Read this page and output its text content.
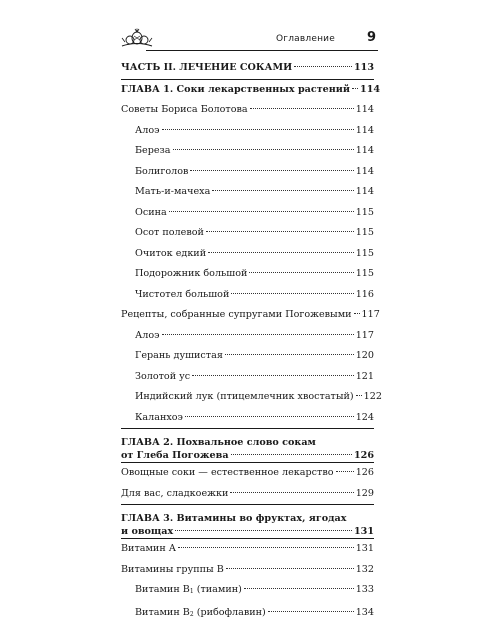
Оглавление 9
ЧАСТЬ II. ЛЕЧЕНИЕ СОКАМИ	113
ГЛАВА 1. Соки лекарственных растений 114
Советы Бориса Болотова	114
Алоэ	114
Береза	114
Болиголов	114
Мать-и-мачеха	114
Осина	115
Осот полевой	115
Очиток едкий	115
Подорожник большой	115
Чистотел большой	116
Рецепты, собранные супругами Погожевыми 117
Алоэ	117
Герань душистая	120
Золотой ус	121
Индийский лук (птицемлечник хвостатый) 122
Каланхоэ	124
ГЛАВА 2. Похвальное слово сокам
от Глеба Погожева	126
Овощные соки — естественное лекарство 126
Для вас, сладкоежки	129
ГЛАВА 3. Витамины во фруктах, ягодах
и овощах	131
Витамин А	131
Витамины группы В	132
Витамин $B_1$ (тиамин)	133
Витамин $B_2$ (рибофлавин)	134
